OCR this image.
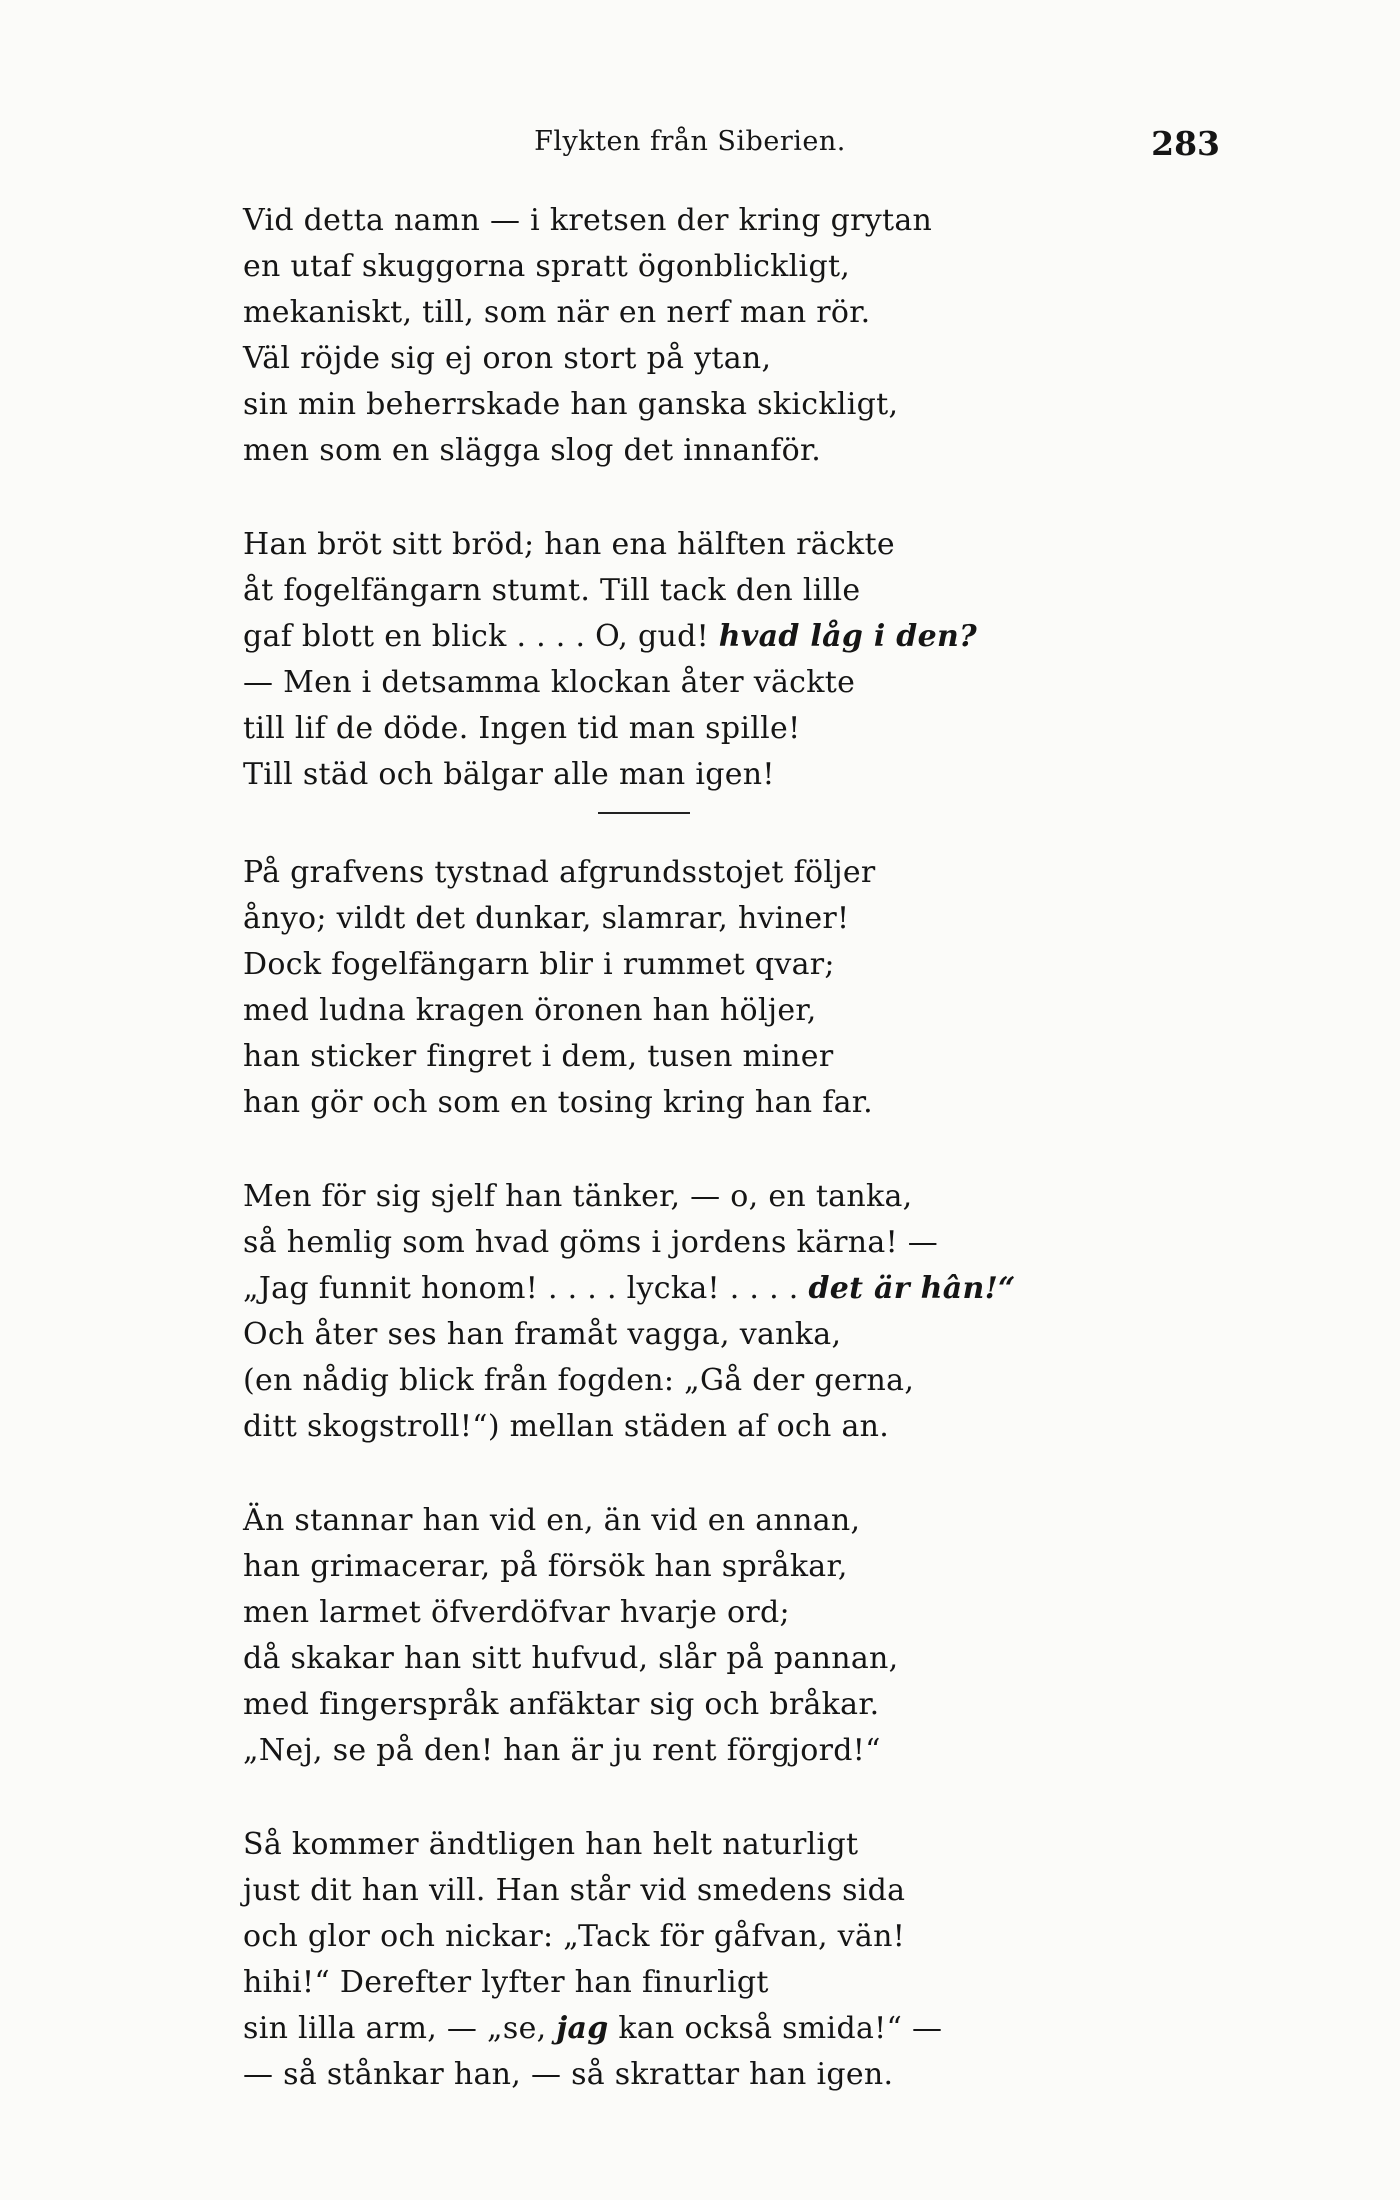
Flykten från Siberien.	283
Vid detta namn — i kretsen der kring grytan
en utaf skuggorna spratt ögonblickligt,
mekaniskt, till, som när en nerf man rör.
Väl röjde sig ej oron stort på ytan,
sin min beherrskade han ganska skickligt,
men som en slägga slog det innanför.
Han bröt sitt bröd; han ena hälften räckte
åt fogelfängarn stumt. Till tack den lille
gaf blott en blick . . . . O, gud! hvad låg i den?
— Men i detsamma klockan åter väckte
till lif de döde. Ingen tid man spille!
Till städ och bälgar alle man igen!
På grafvens tystnad afgrundsstojet följer
ånyo; vildt det dunkar, slamrar, hviner!
Dock fogelfängarn blir i rummet qvar;
med ludna kragen öronen han höljer,
han sticker fingret i dem, tusen miner
han gör och som en tosing kring han far.
Men för sig sjelf han tänker, — o, en tanka,
så hemlig som hvad göms i jordens kärna! —
„Jag funnit honom! . . . . lycka! . . . . det är hân!“
Och åter ses han framåt vagga, vanka,
(en nådig blick från fogden: „Gå der gerna,
ditt skogstroll!“) mellan städen af och an.
Än stannar han vid en, än vid en annan,
han grimacerar, på försök han språkar,
men larmet öfverdöfvar hvarje ord;
då skakar han sitt hufvud, slår på pannan,
med fingerspråk anfäktar sig och bråkar.
„Nej, se på den! han är ju rent förgjord!“
Så kommer ändtligen han helt naturligt
just dit han vill. Han står vid smedens sida
och glor och nickar: „Tack för gåfvan, vän!
hihi!“ Derefter lyfter han finurligt
sin lilla arm, — „se, jag kan också smida!“ —
— så stånkar han, — så skrattar han igen.
